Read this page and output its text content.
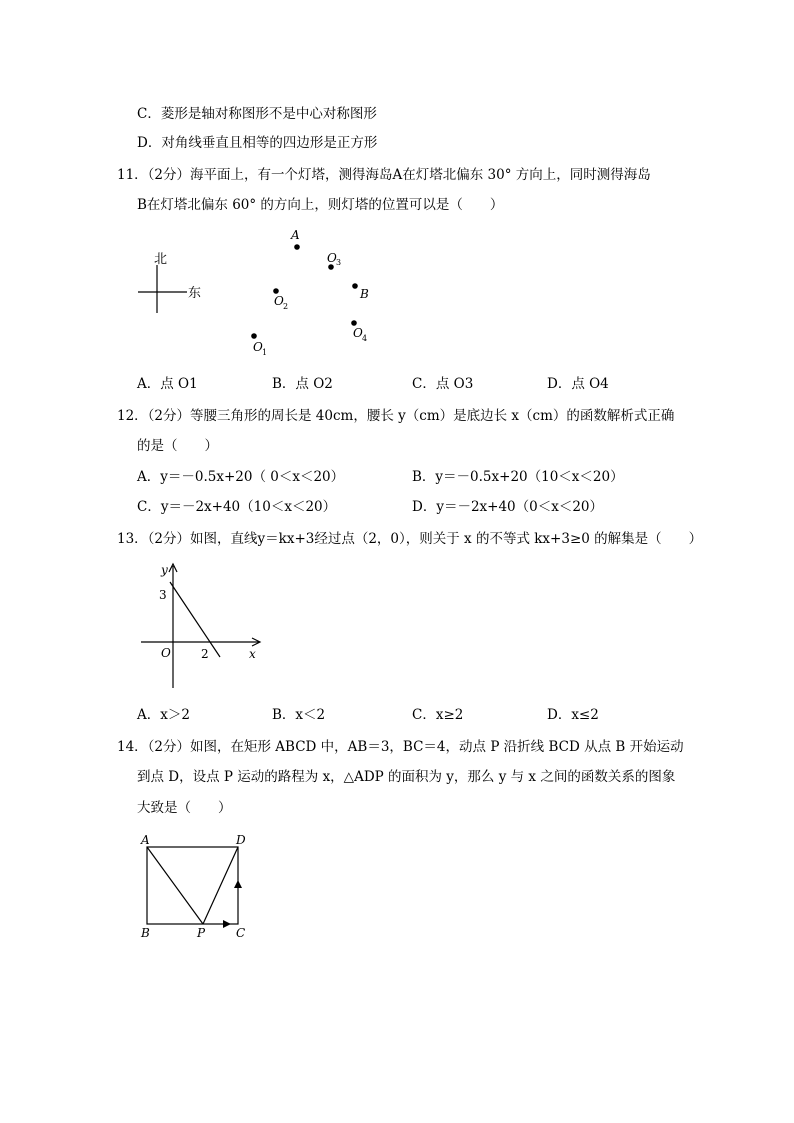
C．菱形是轴对称图形不是中心对称图形
D．对角线垂直且相等的四边形是正方形
11．（2分）海平面上，有一个灯塔，测得海岛A在灯塔北偏东 30° 方向上，同时测得海岛
B在灯塔北偏东 60° 的方向上，则灯塔的位置可以是（　　）
北
东
A
O 3
B
O 2
O 4
O 1
A．点 O1	B．点 O2	C．点 O3	D．点 O4
12．（2分）等腰三角形的周长是 40cm，腰长 y（cm）是底边长 x（cm）的函数解析式正确
的是（　　）
A．y＝－0.5x+20（ 0＜x＜20）	B．y＝－0.5x+20（10＜x＜20）
C．y＝－2x+40（10＜x＜20）	D．y＝－2x+40（0＜x＜20）
13．（2分）如图，直线y＝kx+3经过点（2，0），则关于 x 的不等式 kx+3≥0 的解集是（　　）
y
3
O	2	x
A．x＞2	B．x＜2	C．x≥2	D．x≤2
14．（2分）如图，在矩形 ABCD 中，AB＝3，BC＝4，动点 P 沿折线 BCD 从点 B 开始运动
到点 D，设点 P 运动的路程为 x，△ADP 的面积为 y，那么 y 与 x 之间的函数关系的图象
大致是（　　）
A	D
B	P	C
